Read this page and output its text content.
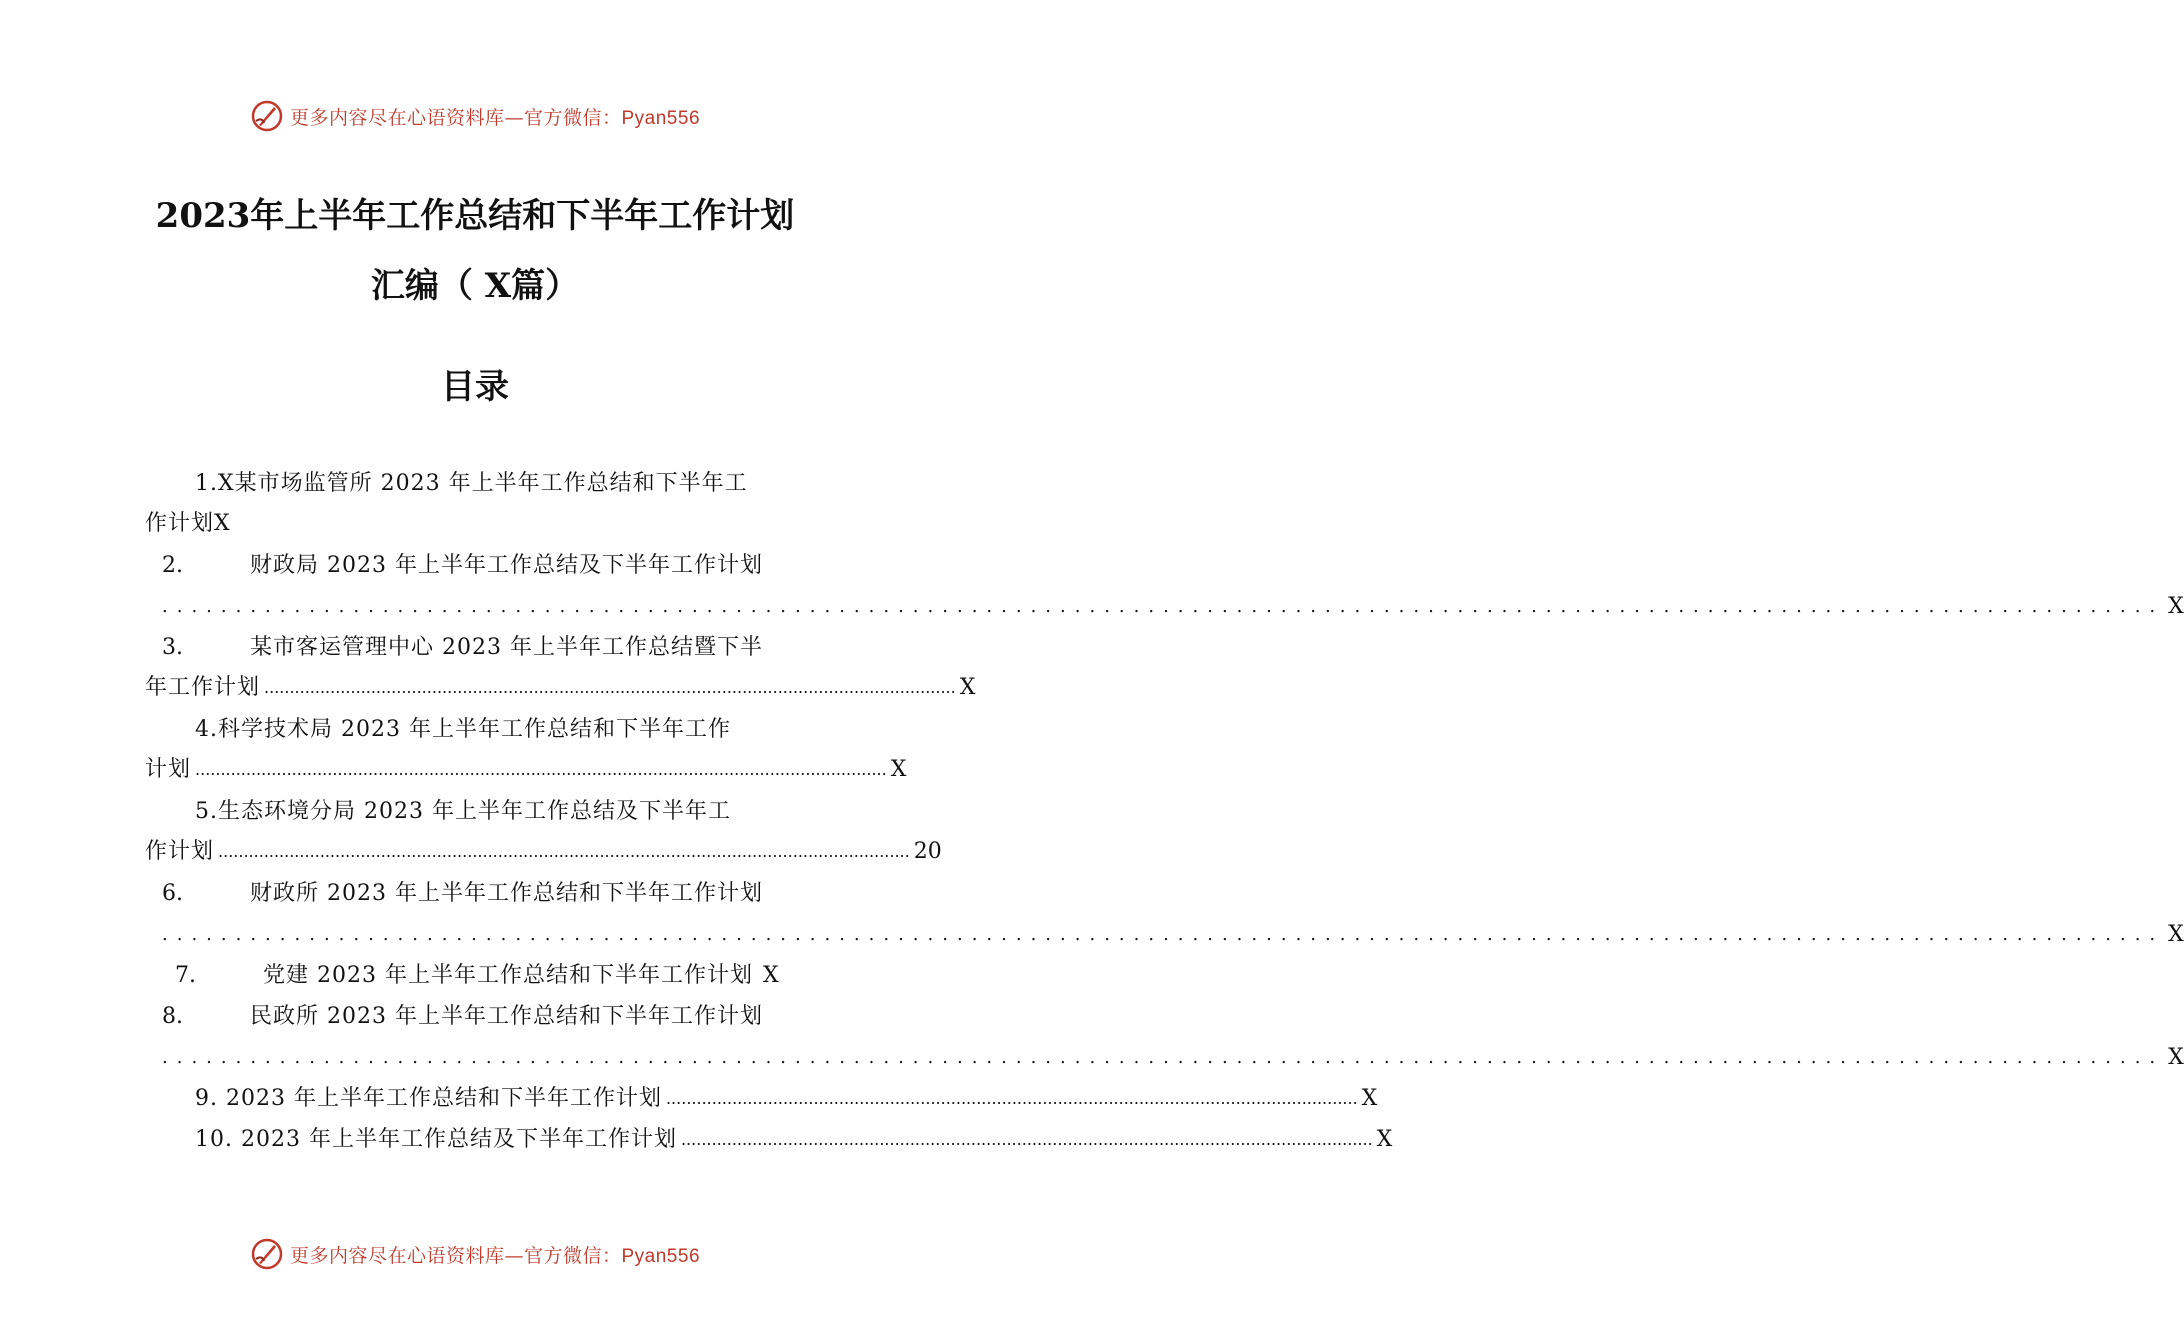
更多内容尽在心语资料库—官方微信：Pyan556
2023年上半年工作总结和下半年工作计划
汇编（ X篇）
目录
1.X某市场监管所 2023 年上半年工作总结和下半年工
作计划X
2.	财政局 2023 年上半年工作总结及下半年工作计划
........................................................................................................................................ X
3.	某市客运管理中心 2023 年上半年工作总结暨下半
年工作计划 ........................................................................................................................................ X
4.科学技术局 2023 年上半年工作总结和下半年工作
计划 ........................................................................................................................................ X
5.生态环境分局 2023 年上半年工作总结及下半年工
作计划 ........................................................................................................................................ 20
6.	财政所 2023 年上半年工作总结和下半年工作计划
........................................................................................................................................ X
7.	党建 2023 年上半年工作总结和下半年工作计划 X
8.	民政所 2023 年上半年工作总结和下半年工作计划
........................................................................................................................................ X
9. 2023 年上半年工作总结和下半年工作计划 ........................................................................................................................................ X
10. 2023 年上半年工作总结及下半年工作计划 ........................................................................................................................................ X
更多内容尽在心语资料库—官方微信：Pyan556
